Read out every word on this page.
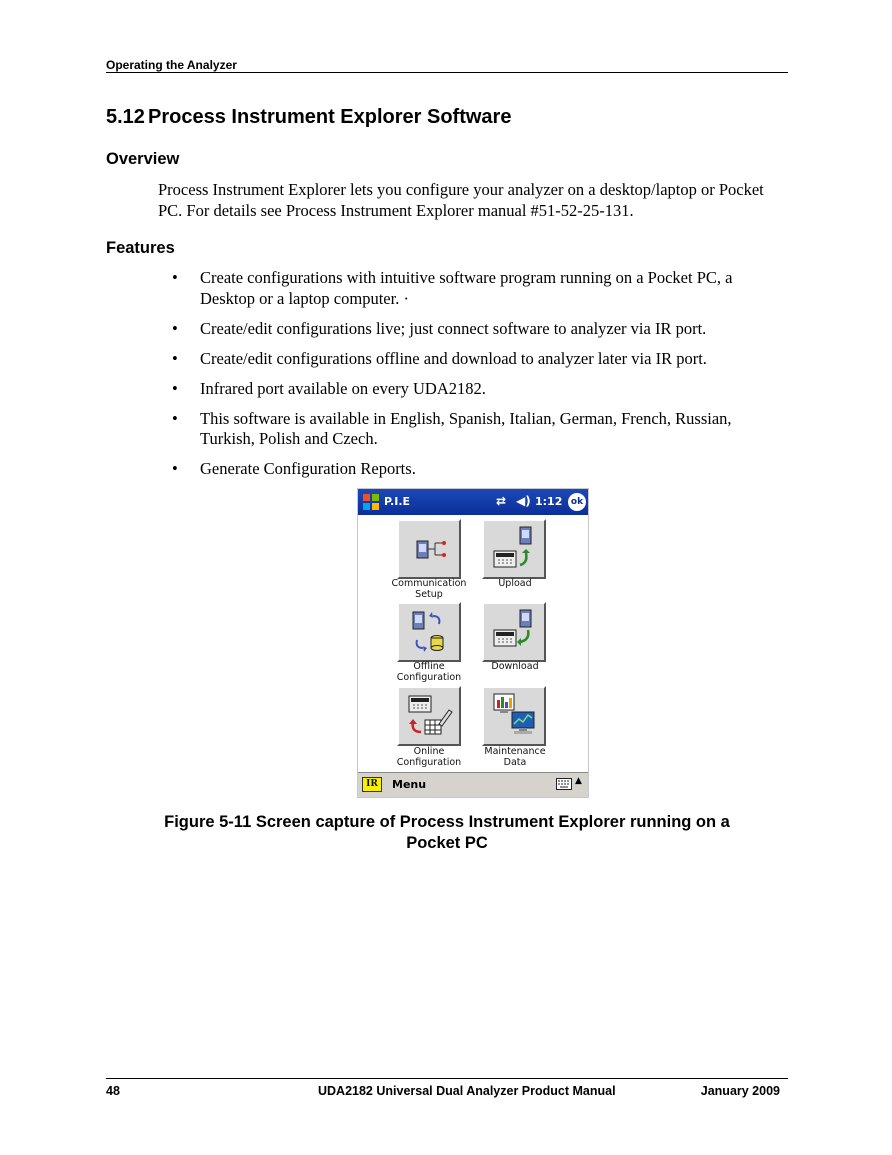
Operating the Analyzer
5.12 Process Instrument Explorer Software
Overview
Process Instrument Explorer lets you configure your analyzer on a desktop/laptop or Pocket PC. For details see Process Instrument Explorer manual #51-52-25-131.
Features
• Create configurations with intuitive software program running on a Pocket PC, a Desktop or a laptop computer. ·
• Create/edit configurations live; just connect software to analyzer via IR port.
• Create/edit configurations offline and download to analyzer later via IR port.
• Infrared port available on every UDA2182.
• This software is available in English, Spanish, Italian, German, French, Russian, Turkish, Polish and Czech.
• Generate Configuration Reports.
P.I.E	⇄ ◀) 1:12 ok
Communication
Setup
Upload
Offline
Configuration
Download
Online
Configuration
Maintenance
Data
IR	Menu	▲
Figure 5-11 Screen capture of Process Instrument Explorer running on a
Pocket PC
48	UDA2182 Universal Dual Analyzer Product Manual	January 2009
